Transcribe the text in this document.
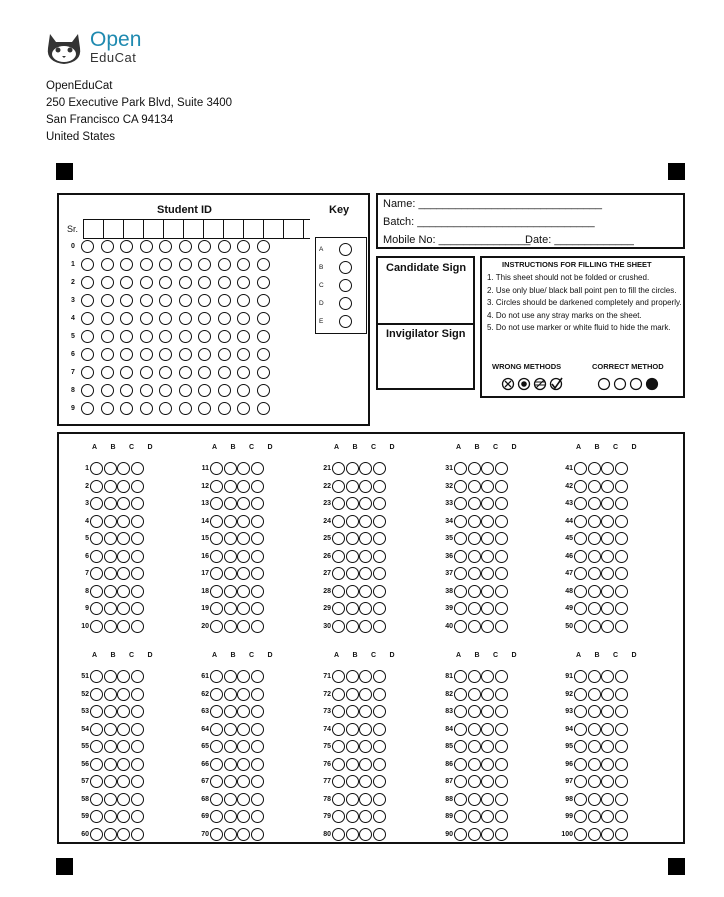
Open
EduCat
OpenEduCat
250 Executive Park Blvd, Suite 3400
San Francisco CA 94134
United States
Student ID	Key
Sr.
0
1
2
3
4
5
6
7
8
9
A
B
C
D
E
Name: ______________________________
Batch: _____________________________
Mobile No: _______________
Date: _____________
Candidate Sign
Invigilator Sign
INSTRUCTIONS FOR FILLING THE SHEET
1. This sheet should not be folded or crushed.
2. Use only blue/ black ball point pen to fill the circles.
3. Circles should be darkened completely and properly.
4. Do not use any stray marks on the sheet.
5. Do not use marker or white fluid to hide the mark.
WRONG METHODS	CORRECT METHOD
A	B	C	D
1
2
3
4
5
6
7
8
9
10
A	B	C	D
11
12
13
14
15
16
17
18
19
20
A	B	C	D
21
22
23
24
25
26
27
28
29
30
A	B	C	D
31
32
33
34
35
36
37
38
39
40
A	B	C	D
41
42
43
44
45
46
47
48
49
50
A	B	C	D
51
52
53
54
55
56
57
58
59
60
A	B	C	D
61
62
63
64
65
66
67
68
69
70
A	B	C	D
71
72
73
74
75
76
77
78
79
80
A	B	C	D
81
82
83
84
85
86
87
88
89
90
A	B	C	D
91
92
93
94
95
96
97
98
99
100
